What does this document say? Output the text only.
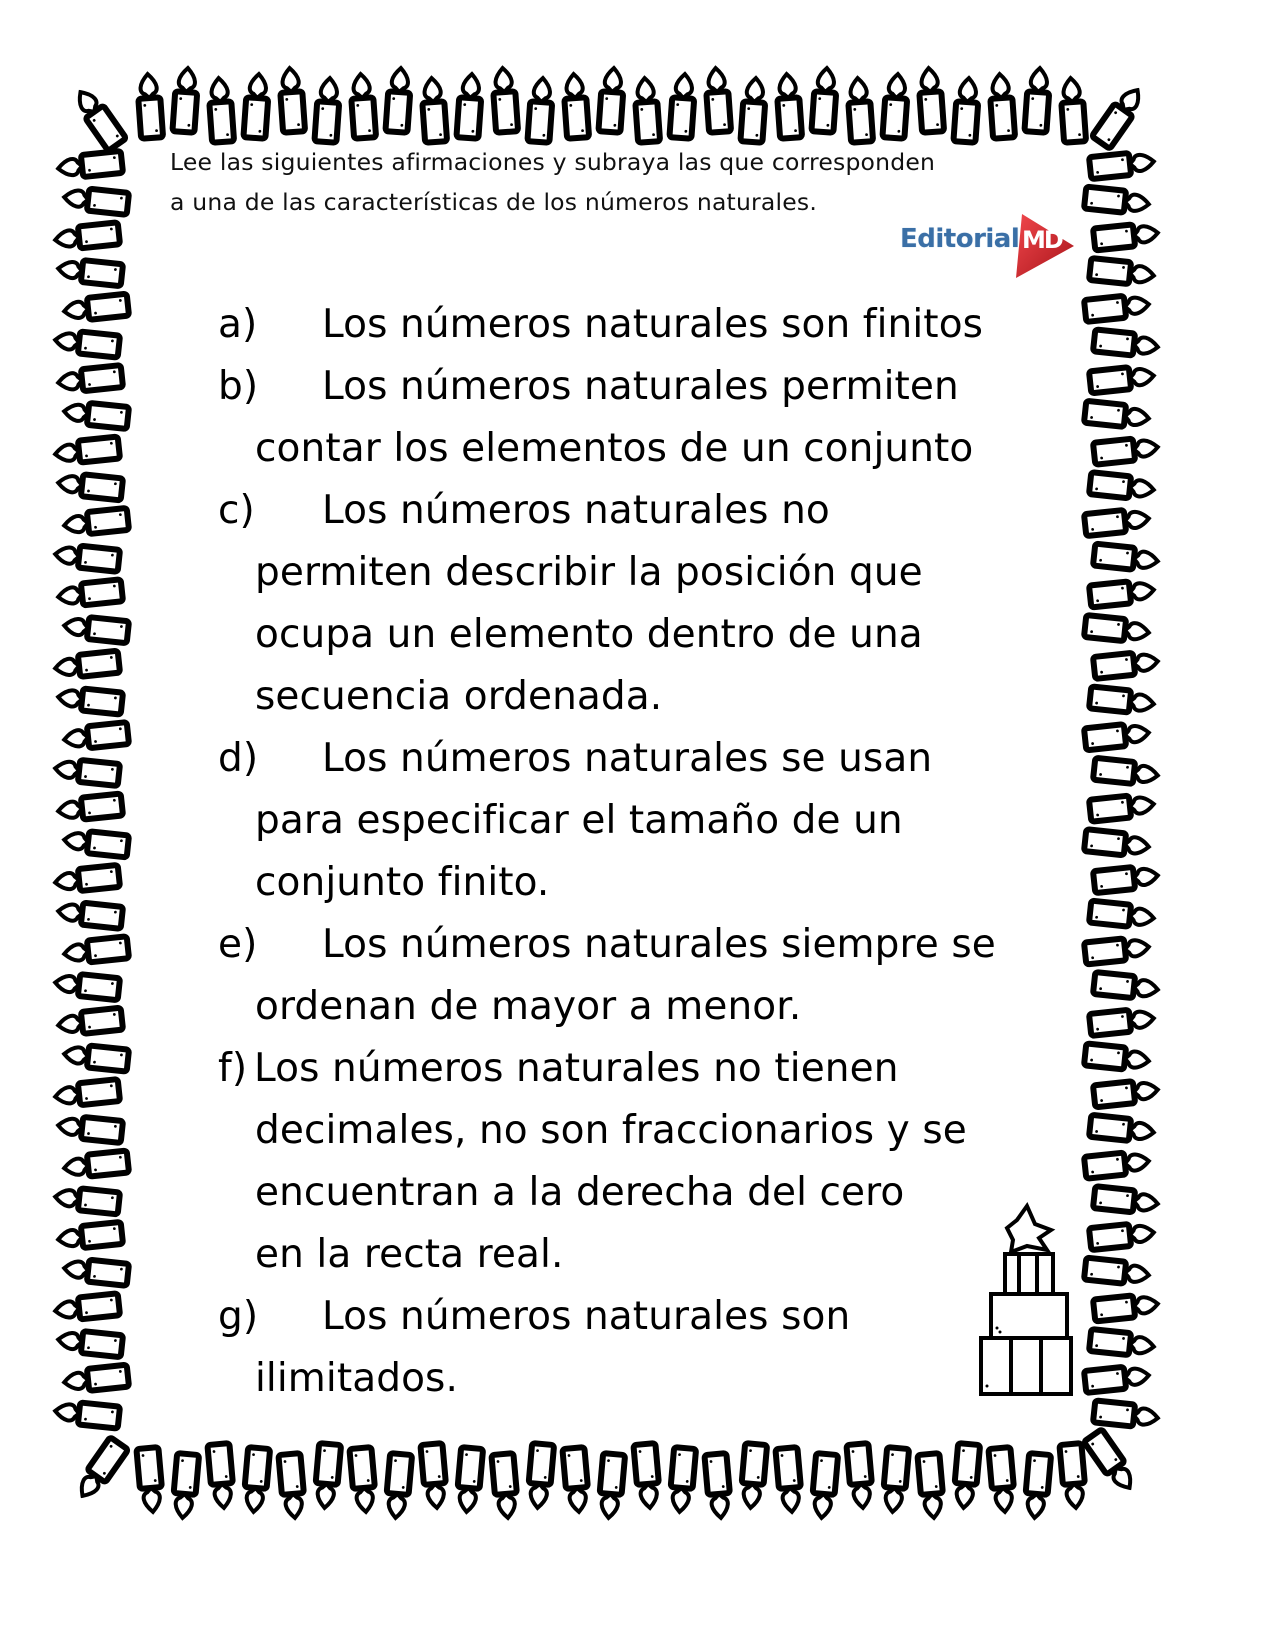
Lee las siguientes afirmaciones y subraya las que corresponden
a una de las características de los números naturales.
Editorial MD
a) Los números naturales son finitos
b) Los números naturales permiten
contar los elementos de un conjunto
c) Los números naturales no
permiten describir la posición que
ocupa un elemento dentro de una
secuencia ordenada.
d) Los números naturales se usan
para especificar el tamaño de un
conjunto finito.
e) Los números naturales siempre se
ordenan de mayor a menor.
f) Los números naturales no tienen
decimales, no son fraccionarios y se
encuentran a la derecha del cero
en la recta real.
g) Los números naturales son
ilimitados.
